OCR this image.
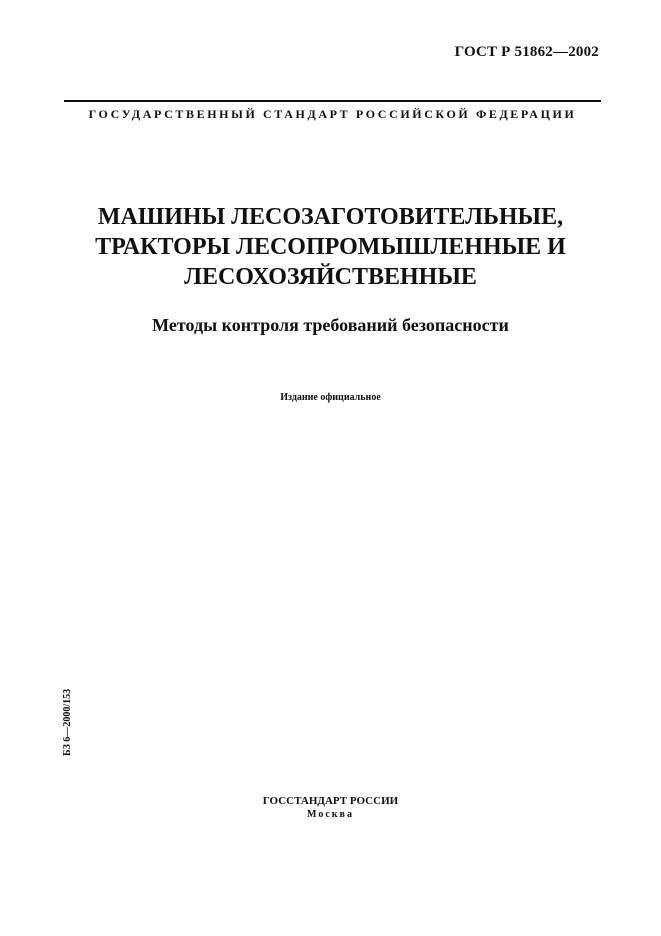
ГОСТ Р 51862—2002
ГОСУДАРСТВЕННЫЙ СТАНДАРТ РОССИЙСКОЙ ФЕДЕРАЦИИ
МАШИНЫ ЛЕСОЗАГОТОВИТЕЛЬНЫЕ,
ТРАКТОРЫ ЛЕСОПРОМЫШЛЕННЫЕ И
ЛЕСОХОЗЯЙСТВЕННЫЕ
Методы контроля требований безопасности
Издание официальное
БЗ 6—2000/153
ГОССТАНДАРТ РОССИИ
Москва
